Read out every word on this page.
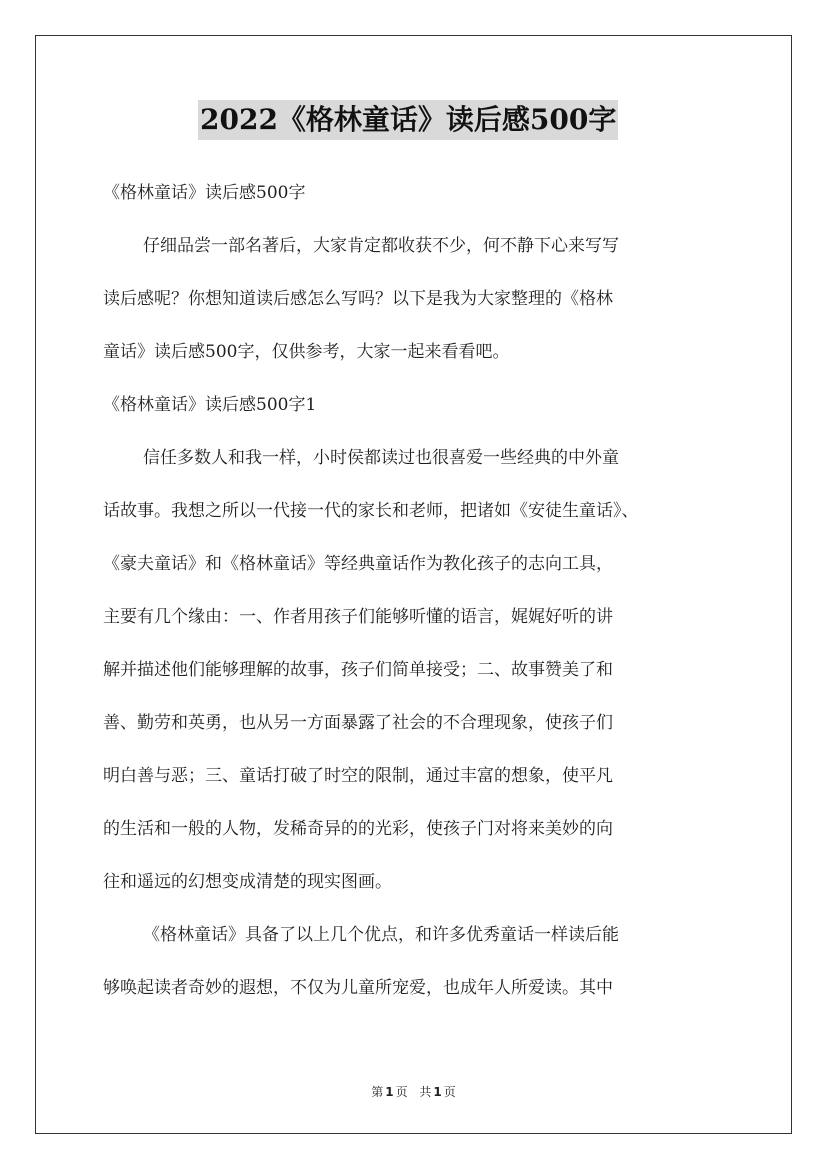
2022《格林童话》读后感500字
《格林童话》读后感500字
仔细品尝一部名著后，大家肯定都收获不少，何不静下心来写写
读后感呢？你想知道读后感怎么写吗？以下是我为大家整理的《格林
童话》读后感500字，仅供参考，大家一起来看看吧。
《格林童话》读后感500字1
信任多数人和我一样，小时侯都读过也很喜爱一些经典的中外童
话故事。我想之所以一代接一代的家长和老师，把诸如《安徒生童话》、
《豪夫童话》和《格林童话》等经典童话作为教化孩子的志向工具，
主要有几个缘由：一、作者用孩子们能够听懂的语言，娓娓好听的讲
解并描述他们能够理解的故事，孩子们简单接受；二、故事赞美了和
善、勤劳和英勇，也从另一方面暴露了社会的不合理现象，使孩子们
明白善与恶；三、童话打破了时空的限制，通过丰富的想象，使平凡
的生活和一般的人物，发稀奇异的的光彩，使孩子门对将来美妙的向
往和遥远的幻想变成清楚的现实图画。
《格林童话》具备了以上几个优点，和许多优秀童话一样读后能
够唤起读者奇妙的遐想，不仅为儿童所宠爱，也成年人所爱读。其中
第 1 页 共 1 页
